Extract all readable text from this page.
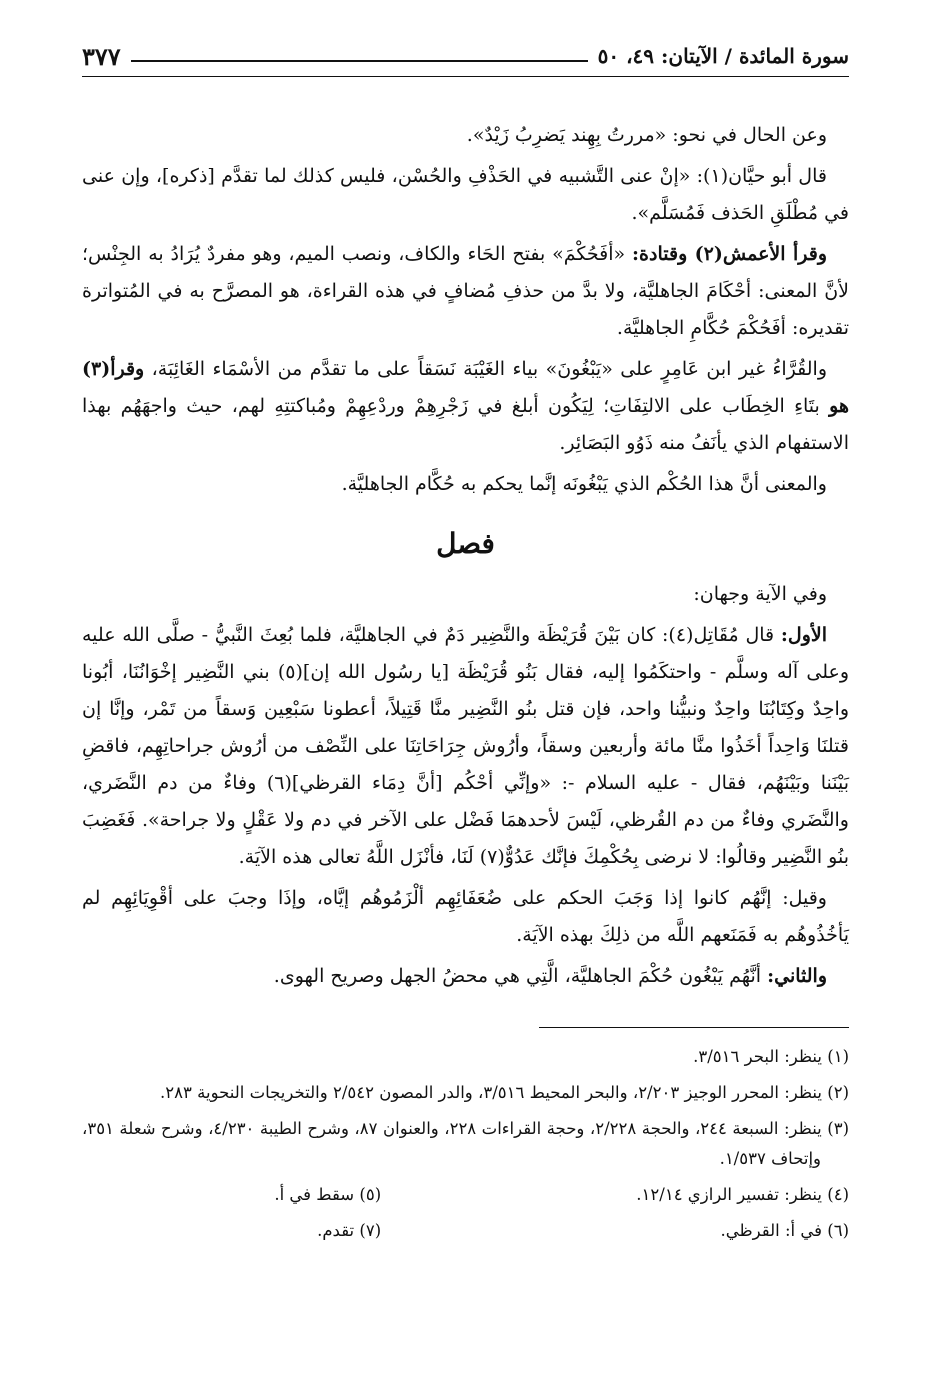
سورة المائدة / الآيتان: ٤٩، ٥٠
٣٧٧

وعن الحال في نحو: «مررتُ بِهِند يَضرِبُ زَيْدٌ».

قال أبو حيَّان(١): «إنْ عنى التَّشبيه في الحَذْفِ والحُسْن، فليس كذلك لما تقدَّم [ذكره]، وإن عنى في مُطْلَقِ الحَذف فَمُسَلَّم».

وقرأ الأعمش(٢) وقتادة: «أفَحُكْمَ» بفتح الحَاء والكاف، ونصب الميم، وهو مفردٌ يُرَادُ به الجِنْس؛ لأنَّ المعنى: أحْكَامَ الجاهليَّة، ولا بدَّ من حذفِ مُضافٍ في هذه القراءة، هو المصرَّح به في المُتواترة تقديره: أفَحُكْمَ حُكَّامِ الجاهليَّة.

والقُرَّاءُ غير ابن عَامِرٍ على «يَبْغُونَ» بياء الغَيْبَة نَسَقاً على ما تقدَّم من الأسْمَاء الغَائِبَة، وقرأ(٣) هو بتَاءِ الخِطَاب على الالتِفَاتِ؛ لِيَكُون أبلغ في زَجْرِهِمْ وردْعِهِمْ ومُباكتتِهِ لهم، حيث واجهَهُم بهذا الاستفهام الذي يأنَفُ منه ذَوُو البَصَائِر.

والمعنى أنَّ هذا الحُكْم الذي يَبْغُونَه إنَّما يحكم به حُكَّام الجاهليَّة.

فصل

وفي الآية وجهان:

الأول: قال مُقَاتِل(٤): كان بَيْنَ قُرَيْظَة والنَّضِير دَمٌ في الجاهليَّة، فلما بُعِثَ النَّبيُّ - صلَّى الله عليه وعلى آله وسلَّم - واحتكَمُوا إليه، فقال بَنُو قُرَيْظَة [يا رسُول الله إن](٥) بني النَّضِير إخْوَانُنَا، أبُونا واحِدٌ وكِتَابُنَا واحِدٌ ونبيُّنا واحد، فإن قتل بنُو النَّضِير منَّا قَتِيلاً، أعطونا سَبْعِين وَسقاً من تَمْر، وإنَّا إن قتلنَا وَاحِداً أخَذُوا منَّا مائة وأربعين وسقاً، وأرُوش جِرَاحَاتِنَا على النِّصْف من أرُوش جراحاتِهِم، فاقضِ بَيْنَنا وبَيْنَهُم، فقال - عليه السلام -: «وإنِّي أحْكُم [أنَّ دِمَاء القرظي](٦) وفاءٌ من دم النَّضَري، والنَّضَري وفاءٌ من دم القُرظي، لَيْسَ لأحدهمَا فَضْل على الآخر في دم ولا عَقْلٍ ولا جراحة». فَغَضِبَ بنُو النَّضِير وقالُوا: لا نرضى بِحُكْمِكَ فإنَّك عَدُوٌّ(٧) لَنَا، فأنْزَل اللَّهُ تعالى هذه الآيَة.

وقيل: إنَّهُم كانوا إذا وَجَبَ الحكم على ضُعَفَائِهِم ألْزَمُوهُم إيَّاه، وإذَا وجبَ على أقْوِيَائِهِم لم يَأخُذُوهُم به فَمَنَعهم اللَّه من ذلِكَ بهذه الآيَة.

والثاني: أنَّهُم يَبْغُون حُكْمَ الجاهليَّة، الَّتِي هي محضُ الجهل وصريح الهوى.

(١) ينظر: البحر ٣/٥١٦.
(٢) ينظر: المحرر الوجيز ٢/٢٠٣، والبحر المحيط ٣/٥١٦، والدر المصون ٢/٥٤٢ والتخريجات النحوية ٢٨٣.
(٣) ينظر: السبعة ٢٤٤، والحجة ٢/٢٢٨، وحجة القراءات ٢٢٨، والعنوان ٨٧، وشرح الطيبة ٤/٢٣٠، وشرح شعلة ٣٥١، وإتحاف ١/٥٣٧.
(٤) ينظر: تفسير الرازي ١٢/١٤.
(٥) سقط في أ.
(٦) في أ: القرظي.
(٧) تقدم.
